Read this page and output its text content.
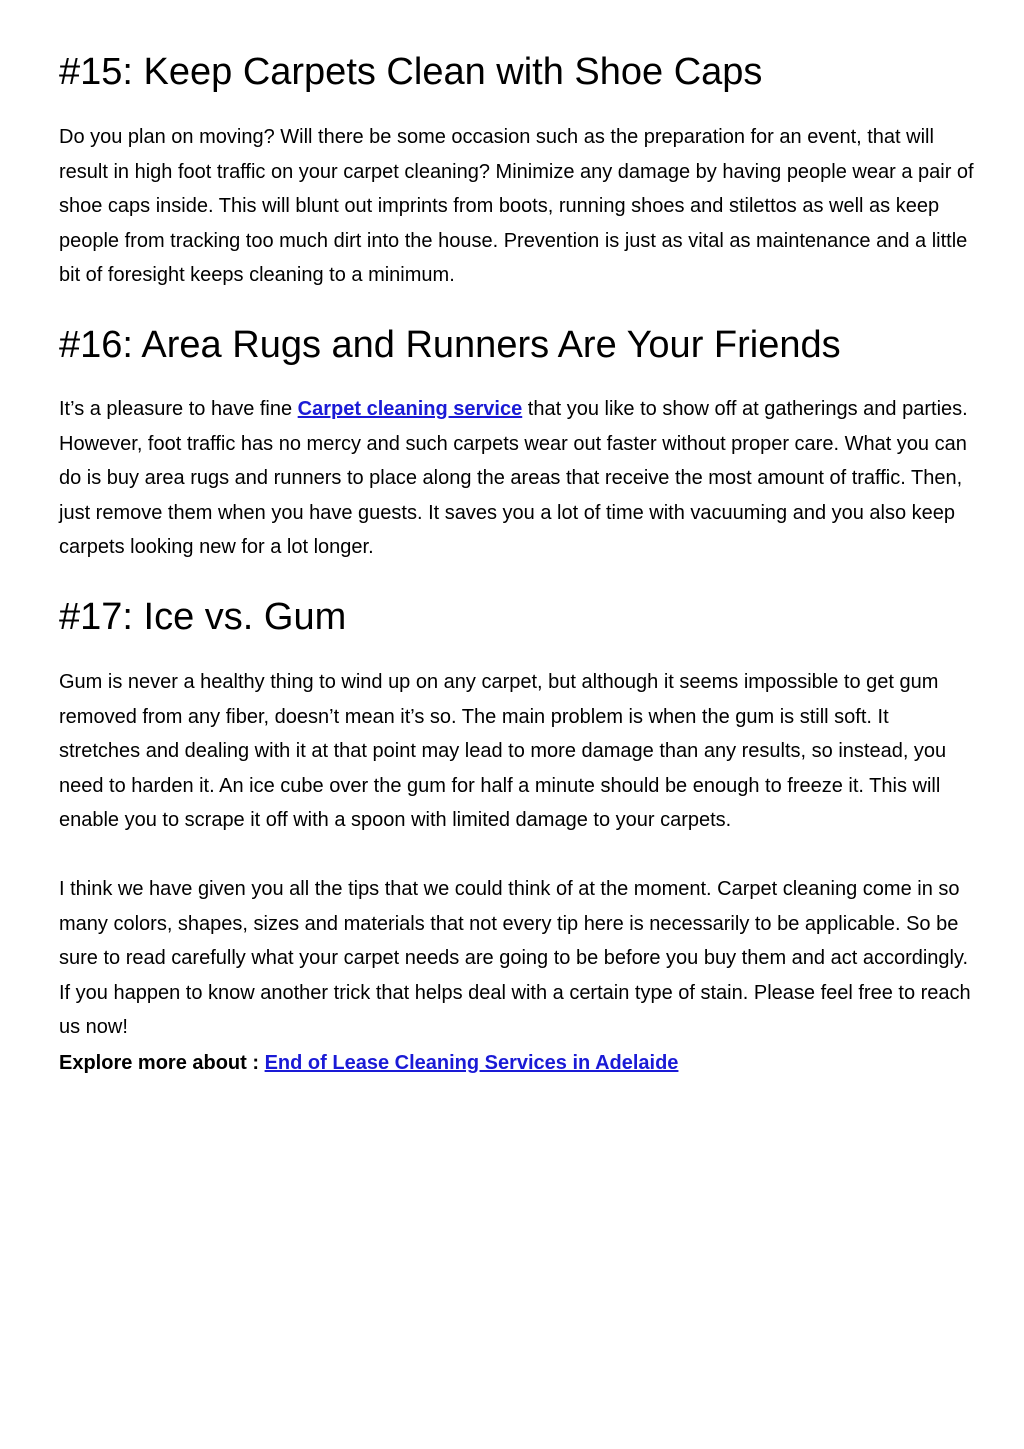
#15: Keep Carpets Clean with Shoe Caps

Do you plan on moving? Will there be some occasion such as the preparation for an event, that will result in high foot traffic on your carpet cleaning? Minimize any damage by having people wear a pair of shoe caps inside. This will blunt out imprints from boots, running shoes and stilettos as well as keep people from tracking too much dirt into the house. Prevention is just as vital as maintenance and a little bit of foresight keeps cleaning to a minimum.

#16: Area Rugs and Runners Are Your Friends

It’s a pleasure to have fine Carpet cleaning service that you like to show off at gatherings and parties. However, foot traffic has no mercy and such carpets wear out faster without proper care. What you can do is buy area rugs and runners to place along the areas that receive the most amount of traffic. Then, just remove them when you have guests. It saves you a lot of time with vacuuming and you also keep carpets looking new for a lot longer.

#17: Ice vs. Gum

Gum is never a healthy thing to wind up on any carpet, but although it seems impossible to get gum removed from any fiber, doesn’t mean it’s so. The main problem is when the gum is still soft. It stretches and dealing with it at that point may lead to more damage than any results, so instead, you need to harden it. An ice cube over the gum for half a minute should be enough to freeze it. This will enable you to scrape it off with a spoon with limited damage to your carpets.

I think we have given you all the tips that we could think of at the moment. Carpet cleaning come in so many colors, shapes, sizes and materials that not every tip here is necessarily to be applicable. So be sure to read carefully what your carpet needs are going to be before you buy them and act accordingly. If you happen to know another trick that helps deal with a certain type of stain. Please feel free to reach us now!

Explore more about : End of Lease Cleaning Services in Adelaide
